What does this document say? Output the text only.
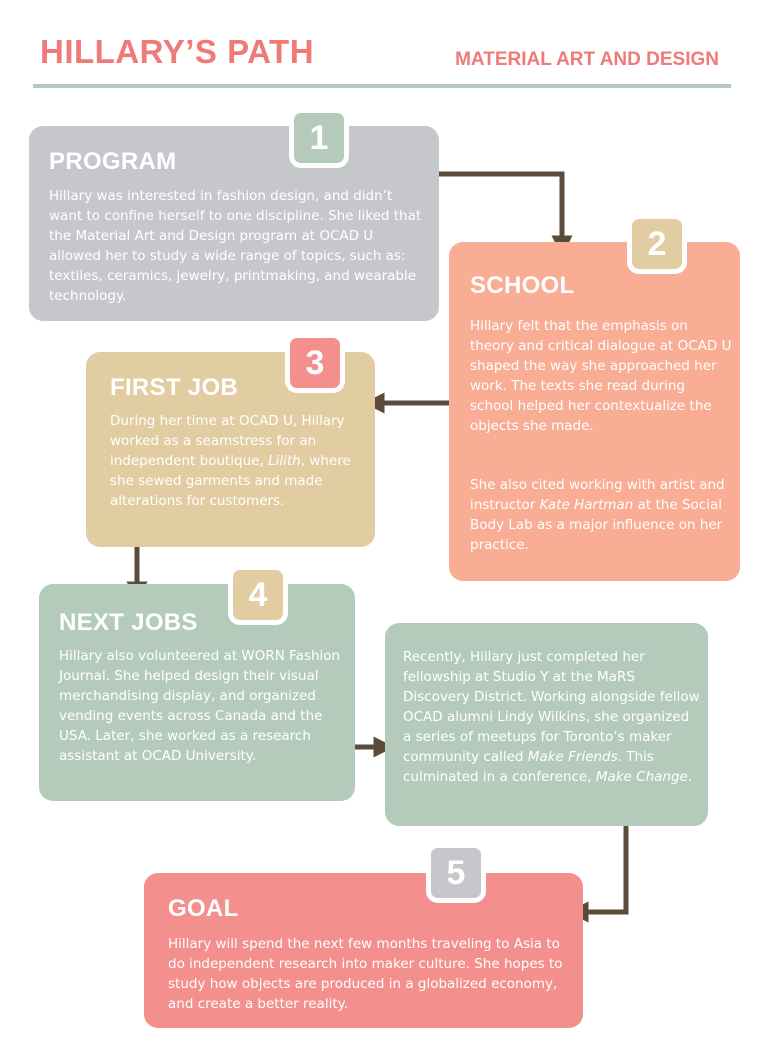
HILLARY’S PATH	MATERIAL ART AND DESIGN
PROGRAM

Hillary was interested in fashion design, and didn’t want to confine herself to one discipline. She liked that the Material Art and Design program at OCAD U allowed her to study a wide range of topics, such as: textiles, ceramics, jewelry, printmaking, and wearable technology.

1
SCHOOL

Hillary felt that the emphasis on theory and critical dialogue at OCAD U shaped the way she approached her work. The texts she read during school helped her contextualize the objects she made.

She also cited working with artist and instructor Kate Hartman at the Social Body Lab as a major influence on her practice.

2
FIRST JOB

During her time at OCAD U, Hillary worked as a seamstress for an independent boutique, Lilith, where she sewed garments and made alterations for customers.

3
NEXT JOBS

Hillary also volunteered at WORN Fashion Journal. She helped design their visual merchandising display, and organized vending events across Canada and the USA. Later, she worked as a research assistant at OCAD University.

4

Recently, Hillary just completed her fellowship at Studio Y at the MaRS Discovery District. Working alongside fellow OCAD alumni Lindy Wilkins, she organized a series of meetups for Toronto’s maker community called Make Friends. This culminated in a conference, Make Change.

GOAL

Hillary will spend the next few months traveling to Asia to do independent research into maker culture. She hopes to study how objects are produced in a globalized economy, and create a better reality.

5
